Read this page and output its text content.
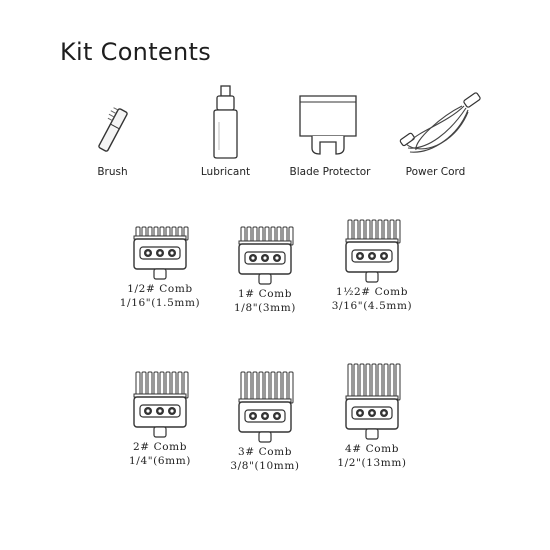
Kit Contents
Brush	Lubricant	Blade Protector	Power Cord
1/2# Comb
1/16"(1.5mm)
1# Comb
1/8"(3mm)
1½2# Comb
3/16"(4.5mm)
2# Comb
1/4"(6mm)
3# Comb
3/8"(10mm)
4# Comb
1/2"(13mm)
